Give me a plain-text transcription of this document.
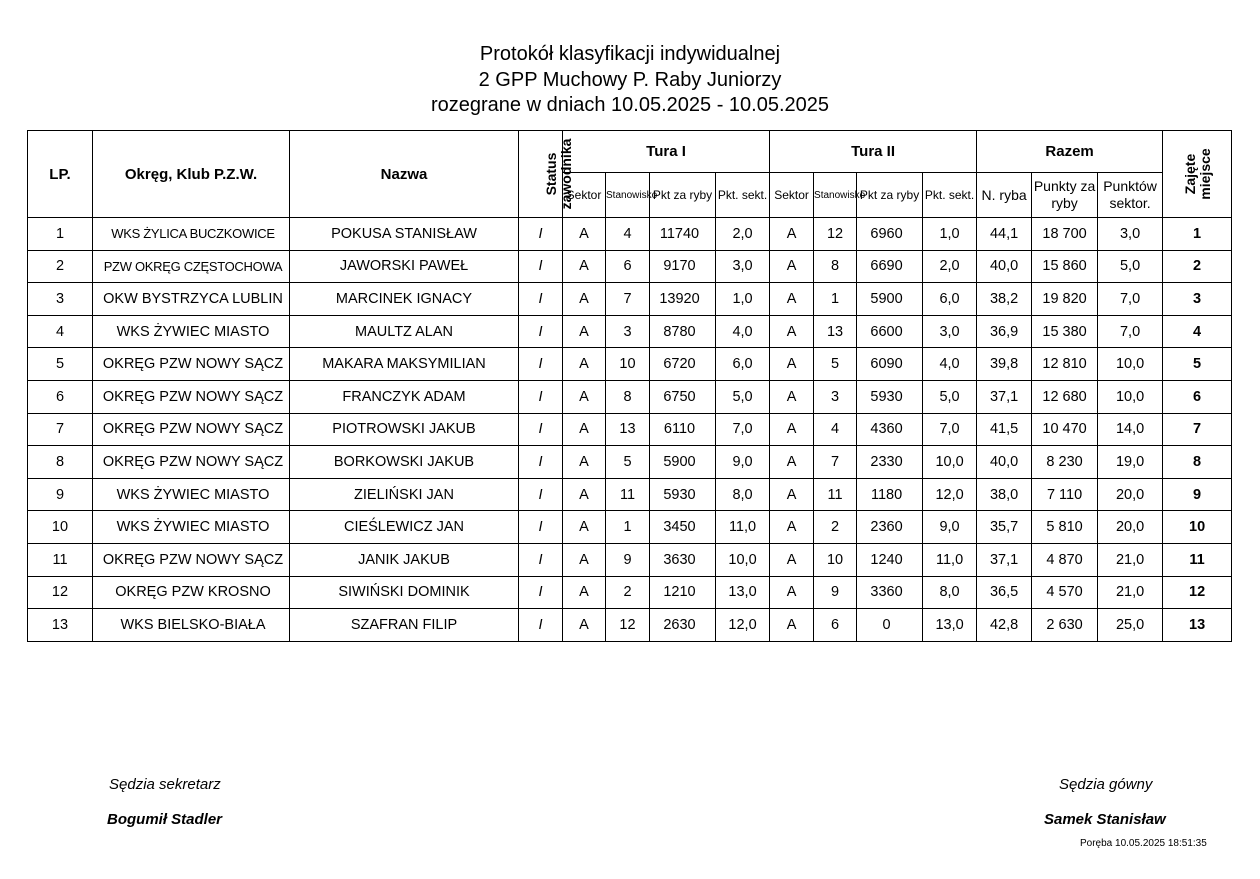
Protokół klasyfikacji indywidualnej
2 GPP Muchowy P. Raby Juniorzy
rozegrane w dniach 10.05.2025 - 10.05.2025
LP.	Okręg, Klub P.Z.W.	Nazwa	Status zawodnika	Tura I				Tura II				Razem			Zajęte miejsce
				Sektor	Stanowisko	Pkt za ryby	Pkt. sekt.	Sektor	Stanowisko	Pkt za ryby	Pkt. sekt.	N. ryba	Punkty za ryby	Punktów sektor.	
1	WKS ŻYLICA BUCZKOWICE	POKUSA STANISŁAW	I	A	4	11740	2,0	A	12	6960	1,0	44,1	18 700	3,0	1
2	PZW OKRĘG CZĘSTOCHOWA	JAWORSKI PAWEŁ	I	A	6	9170	3,0	A	8	6690	2,0	40,0	15 860	5,0	2
3	OKW BYSTRZYCA LUBLIN	MARCINEK IGNACY	I	A	7	13920	1,0	A	1	5900	6,0	38,2	19 820	7,0	3
4	WKS ŻYWIEC MIASTO	MAULTZ ALAN	I	A	3	8780	4,0	A	13	6600	3,0	36,9	15 380	7,0	4
5	OKRĘG PZW NOWY SĄCZ	MAKARA MAKSYMILIAN	I	A	10	6720	6,0	A	5	6090	4,0	39,8	12 810	10,0	5
6	OKRĘG PZW NOWY SĄCZ	FRANCZYK ADAM	I	A	8	6750	5,0	A	3	5930	5,0	37,1	12 680	10,0	6
7	OKRĘG PZW NOWY SĄCZ	PIOTROWSKI JAKUB	I	A	13	6110	7,0	A	4	4360	7,0	41,5	10 470	14,0	7
8	OKRĘG PZW NOWY SĄCZ	BORKOWSKI JAKUB	I	A	5	5900	9,0	A	7	2330	10,0	40,0	8 230	19,0	8
9	WKS ŻYWIEC MIASTO	ZIELIŃSKI JAN	I	A	11	5930	8,0	A	11	1180	12,0	38,0	7 110	20,0	9
10	WKS ŻYWIEC MIASTO	CIEŚLEWICZ JAN	I	A	1	3450	11,0	A	2	2360	9,0	35,7	5 810	20,0	10
11	OKRĘG PZW NOWY SĄCZ	JANIK JAKUB	I	A	9	3630	10,0	A	10	1240	11,0	37,1	4 870	21,0	11
12	OKRĘG PZW KROSNO	SIWIŃSKI DOMINIK	I	A	2	1210	13,0	A	9	3360	8,0	36,5	4 570	21,0	12
13	WKS BIELSKO-BIAŁA	SZAFRAN FILIP	I	A	12	2630	12,0	A	6	0	13,0	42,8	2 630	25,0	13
Sędzia sekretarz
Bogumił Stadler
Sędzia gówny
Samek Stanisław
Poręba 10.05.2025 18:51:35
